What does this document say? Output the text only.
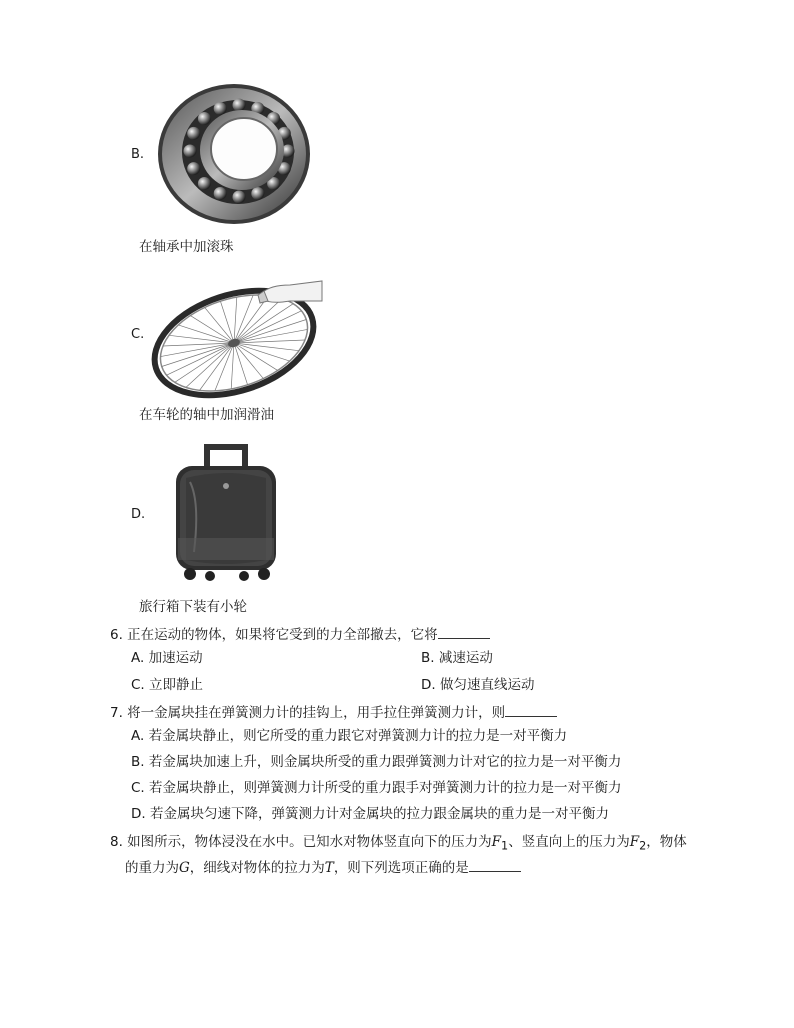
B.
在轴承中加滚珠
C.
在车轮的轴中加润滑油
D.
旅行箱下装有小轮
6. 正在运动的物体，如果将它受到的力全部撤去，它将
A. 加速运动	B. 减速运动
C. 立即静止	D. 做匀速直线运动
7. 将一金属块挂在弹簧测力计的挂钩上，用手拉住弹簧测力计，则
A. 若金属块静止，则它所受的重力跟它对弹簧测力计的拉力是一对平衡力
B. 若金属块加速上升，则金属块所受的重力跟弹簧测力计对它的拉力是一对平衡力
C. 若金属块静止，则弹簧测力计所受的重力跟手对弹簧测力计的拉力是一对平衡力
D. 若金属块匀速下降，弹簧测力计对金属块的拉力跟金属块的重力是一对平衡力
8. 如图所示，物体浸没在水中。已知水对物体竖直向下的压力为$F_1$、竖直向上的压力为$F_2$，物体
的重力为G，细线对物体的拉力为T，则下列选项正确的是
